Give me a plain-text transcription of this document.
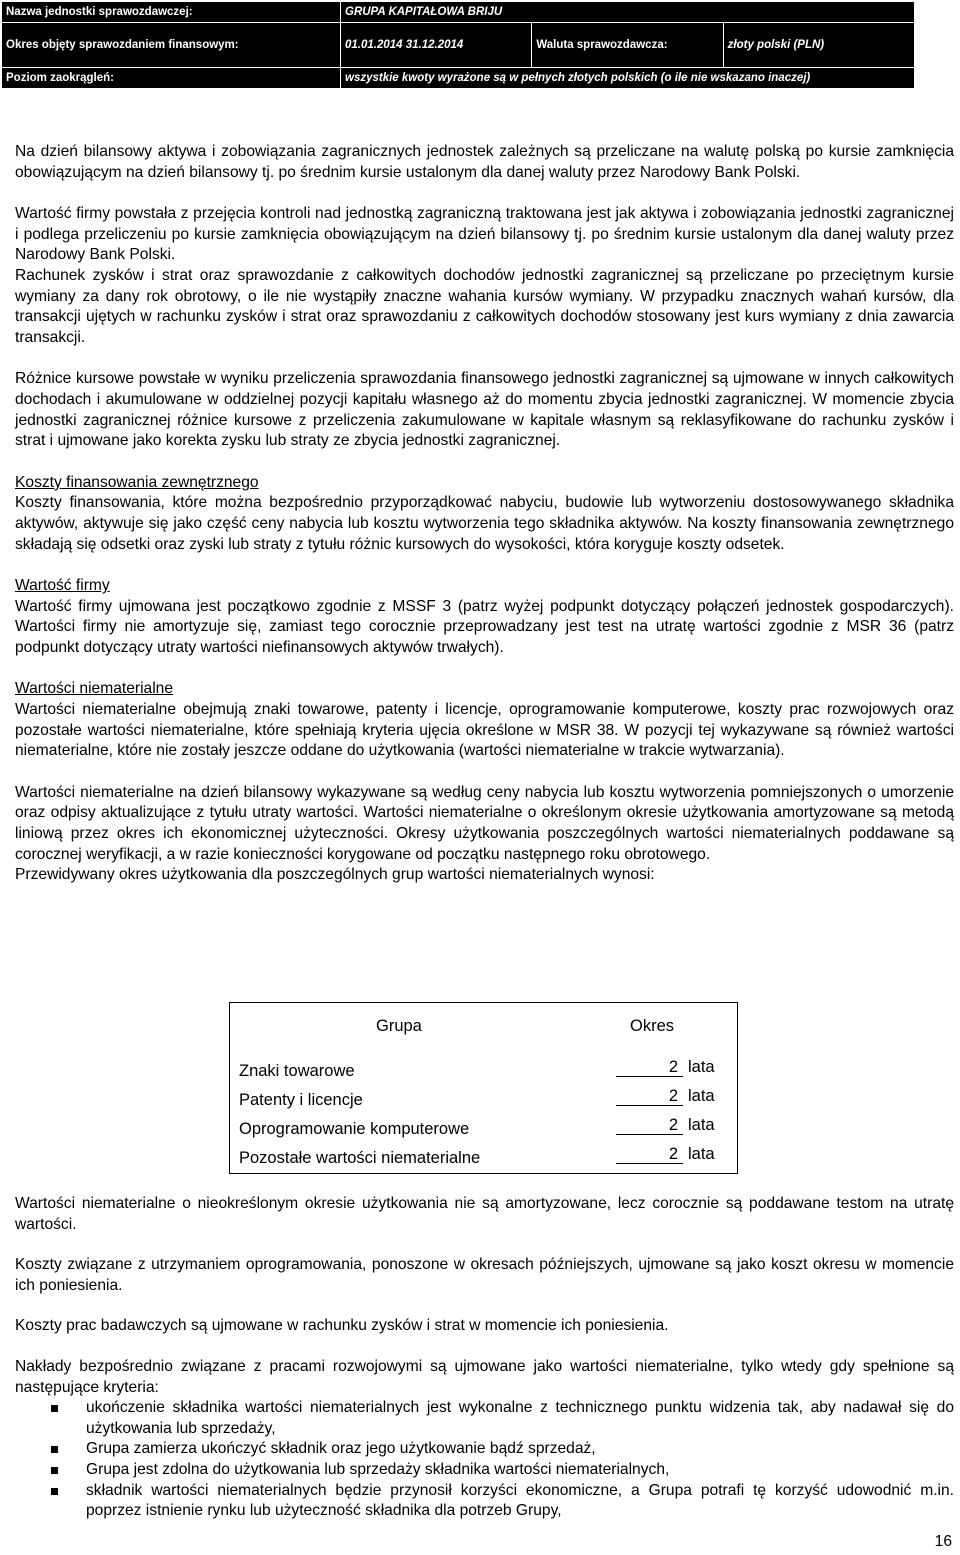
Nazwa jednostki sprawozdawczej:	GRUPA KAPITAŁOWA BRIJU		
Okres objęty sprawozdaniem finansowym:	01.01.2014 31.12.2014	Waluta sprawozdawcza:	złoty polski (PLN)
Poziom zaokrągleń:	wszystkie kwoty wyrażone są w pełnych złotych polskich (o ile nie wskazano inaczej)		

Na dzień bilansowy aktywa i zobowiązania zagranicznych jednostek zależnych są przeliczane na walutę polską po kursie zamknięcia obowiązującym na dzień bilansowy tj. po średnim kursie ustalonym dla danej waluty przez Narodowy Bank Polski.

Wartość firmy powstała z przejęcia kontroli nad jednostką zagraniczną traktowana jest jak aktywa i zobowiązania jednostki zagranicznej i podlega przeliczeniu po kursie zamknięcia obowiązującym na dzień bilansowy tj. po średnim kursie ustalonym dla danej waluty przez Narodowy Bank Polski.

Rachunek zysków i strat oraz sprawozdanie z całkowitych dochodów jednostki zagranicznej są przeliczane po przeciętnym kursie wymiany za dany rok obrotowy, o ile nie wystąpiły znaczne wahania kursów wymiany. W przypadku znacznych wahań kursów, dla transakcji ujętych w rachunku zysków i strat oraz sprawozdaniu z całkowitych dochodów stosowany jest kurs wymiany z dnia zawarcia transakcji.

Różnice kursowe powstałe w wyniku przeliczenia sprawozdania finansowego jednostki zagranicznej są ujmowane w innych całkowitych dochodach i akumulowane w oddzielnej pozycji kapitału własnego aż do momentu zbycia jednostki zagranicznej. W momencie zbycia jednostki zagranicznej różnice kursowe z przeliczenia zakumulowane w kapitale własnym są reklasyfikowane do rachunku zysków i strat i ujmowane jako korekta zysku lub straty ze zbycia jednostki zagranicznej.

Koszty finansowania zewnętrznego

Koszty finansowania, które można bezpośrednio przyporządkować nabyciu, budowie lub wytworzeniu dostosowywanego składnika aktywów, aktywuje się jako część ceny nabycia lub kosztu wytworzenia tego składnika aktywów. Na koszty finansowania zewnętrznego składają się odsetki oraz zyski lub straty z tytułu różnic kursowych do wysokości, która koryguje koszty odsetek.

Wartość firmy

Wartość firmy ujmowana jest początkowo zgodnie z MSSF 3 (patrz wyżej podpunkt dotyczący połączeń jednostek gospodarczych). Wartości firmy nie amortyzuje się, zamiast tego corocznie przeprowadzany jest test na utratę wartości zgodnie z MSR 36 (patrz podpunkt dotyczący utraty wartości niefinansowych aktywów trwałych).

Wartości niematerialne

Wartości niematerialne obejmują znaki towarowe, patenty i licencje, oprogramowanie komputerowe, koszty prac rozwojowych oraz pozostałe wartości niematerialne, które spełniają kryteria ujęcia określone w MSR 38. W pozycji tej wykazywane są również wartości niematerialne, które nie zostały jeszcze oddane do użytkowania (wartości niematerialne w trakcie wytwarzania).

Wartości niematerialne na dzień bilansowy wykazywane są według ceny nabycia lub kosztu wytworzenia pomniejszonych o umorzenie oraz odpisy aktualizujące z tytułu utraty wartości. Wartości niematerialne o określonym okresie użytkowania amortyzowane są metodą liniową przez okres ich ekonomicznej użyteczności. Okresy użytkowania poszczególnych wartości niematerialnych poddawane są corocznej weryfikacji, a w razie konieczności korygowane od początku następnego roku obrotowego.

Przewidywany okres użytkowania dla poszczególnych grup wartości niematerialnych wynosi:

Grupa	Okres
Znaki towarowe	2 lata
Patenty i licencje	2 lata
Oprogramowanie komputerowe	2 lata
Pozostałe wartości niematerialne	2 lata

Wartości niematerialne o nieokreślonym okresie użytkowania nie są amortyzowane, lecz corocznie są poddawane testom na utratę wartości.

Koszty związane z utrzymaniem oprogramowania, ponoszone w okresach późniejszych, ujmowane są jako koszt okresu w momencie ich poniesienia.

Koszty prac badawczych są ujmowane w rachunku zysków i strat w momencie ich poniesienia.

Nakłady bezpośrednio związane z pracami rozwojowymi są ujmowane jako wartości niematerialne, tylko wtedy gdy spełnione są następujące kryteria:

ukończenie składnika wartości niematerialnych jest wykonalne z technicznego punktu widzenia tak, aby nadawał się do użytkowania lub sprzedaży,
Grupa zamierza ukończyć składnik oraz jego użytkowanie bądź sprzedaż,
Grupa jest zdolna do użytkowania lub sprzedaży składnika wartości niematerialnych,
składnik wartości niematerialnych będzie przynosił korzyści ekonomiczne, a Grupa potrafi tę korzyść udowodnić m.in. poprzez istnienie rynku lub użyteczność składnika dla potrzeb Grupy,
16
